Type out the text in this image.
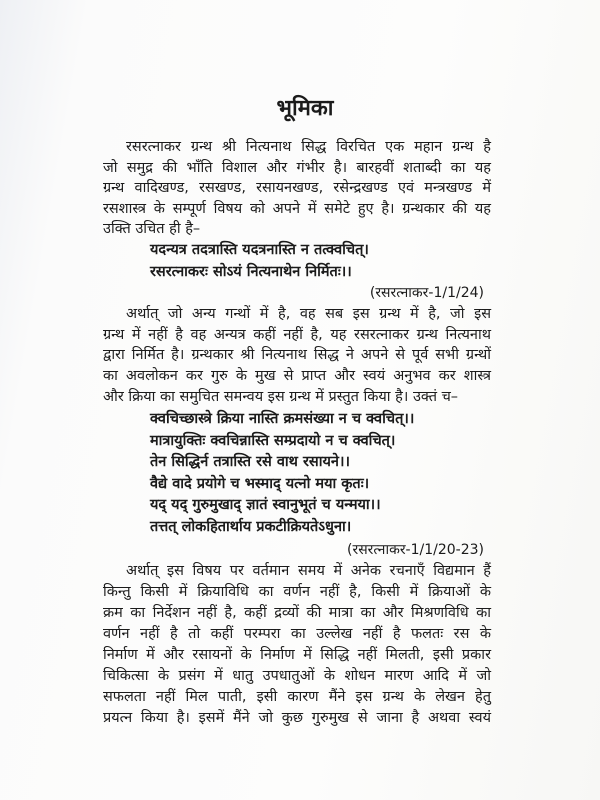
भूमिका
रसरत्नाकर ग्रन्थ श्री नित्यनाथ सिद्ध विरचित एक महान ग्रन्थ है
जो समुद्र की भाँति विशाल और गंभीर है। बारहवीं शताब्दी का यह
ग्रन्थ वादिखण्ड, रसखण्ड, रसायनखण्ड, रसेन्द्रखण्ड एवं मन्त्रखण्ड में
रसशास्त्र के सम्पूर्ण विषय को अपने में समेटे हुए है। ग्रन्थकार की यह
उक्ति उचित ही है–
यदन्यत्र तदत्रास्ति यदत्रनास्ति न तत्क्वचित्।
रसरत्नाकरः सोऽयं नित्यनाथेन निर्मितः।।
(रसरत्नाकर-1/1/24)
अर्थात् जो अन्य गन्थों में है, वह सब इस ग्रन्थ में है, जो इस
ग्रन्थ में नहीं है वह अन्यत्र कहीं नहीं है, यह रसरत्नाकर ग्रन्थ नित्यनाथ
द्वारा निर्मित है। ग्रन्थकार श्री नित्यनाथ सिद्ध ने अपने से पूर्व सभी ग्रन्थों
का अवलोकन कर गुरु के मुख से प्राप्त और स्वयं अनुभव कर शास्त्र
और क्रिया का समुचित समन्वय इस ग्रन्थ में प्रस्तुत किया है। उक्तं च–
क्वचिच्छास्त्रे क्रिया नास्ति क्रमसंख्या न च क्वचित्।।
मात्रायुक्तिः क्वचिन्नास्ति सम्प्रदायो न च क्वचित्।
तेन सिद्धिर्न तत्रास्ति रसे वाथ रसायने।।
वैद्ये वादे प्रयोगे च भस्माद् यत्नो मया कृतः।
यद् यद् गुरुमुखाद् ज्ञातं स्वानुभूतं च यन्मया।।
तत्तत् लोकहितार्थाय प्रकटीक्रियतेऽधुना।
(रसरत्नाकर-1/1/20-23)
अर्थात् इस विषय पर वर्तमान समय में अनेक रचनाएँ विद्यमान हैं
किन्तु किसी में क्रियाविधि का वर्णन नहीं है, किसी में क्रियाओं के
क्रम का निर्देशन नहीं है, कहीं द्रव्यों की मात्रा का और मिश्रणविधि का
वर्णन नहीं है तो कहीं परम्परा का उल्लेख नहीं है फलतः रस के
निर्माण में और रसायनों के निर्माण में सिद्धि नहीं मिलती, इसी प्रकार
चिकित्सा के प्रसंग में धातु उपधातुओं के शोधन मारण आदि में जो
सफलता नहीं मिल पाती, इसी कारण मैंने इस ग्रन्थ के लेखन हेतु
प्रयत्न किया है। इसमें मैंने जो कुछ गुरुमुख से जाना है अथवा स्वयं
